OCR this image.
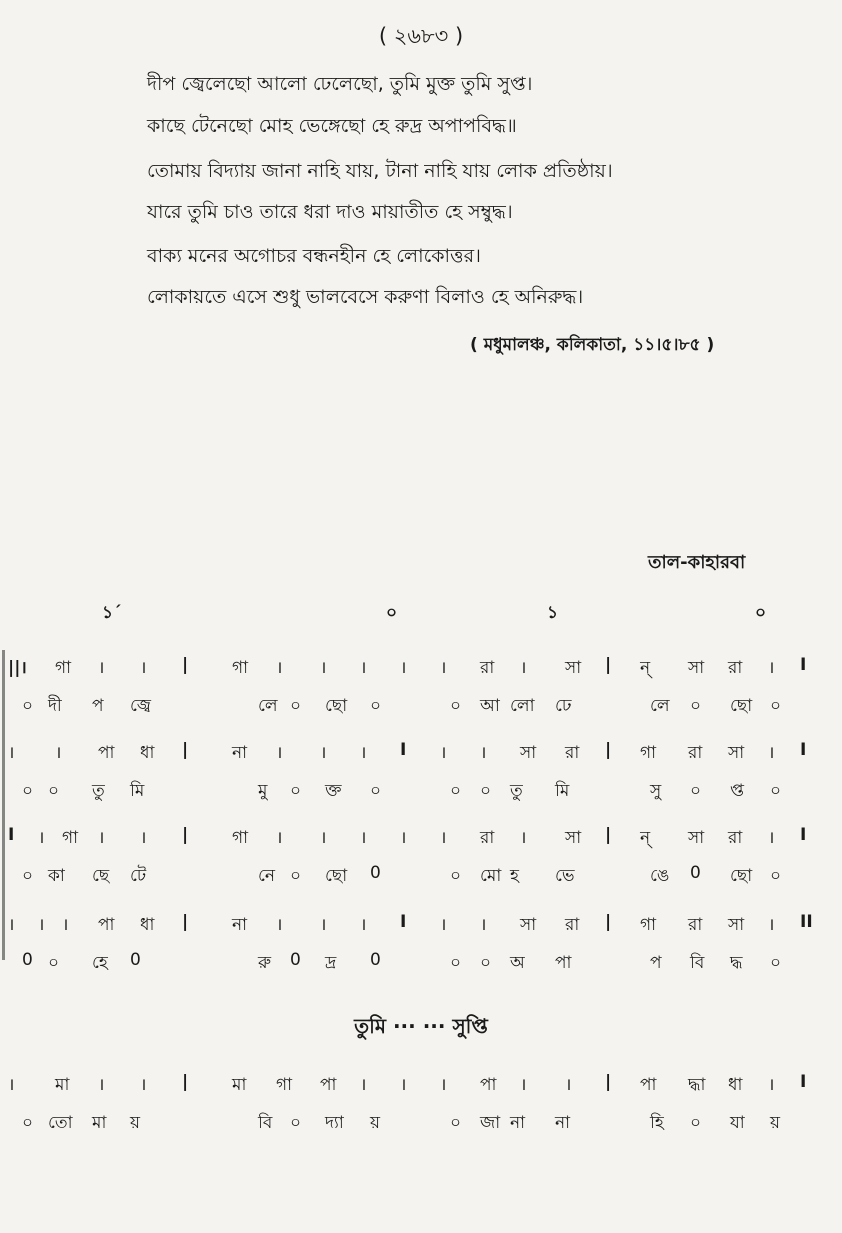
( ২৬৮৩ )
দীপ জ্বেলেছো আলো ঢেলেছো, তুমি মুক্ত তুমি সুপ্ত।
কাছে টেনেছো মোহ ভেঙ্গেছো হে রুদ্র অপাপবিদ্ধ॥
তোমায় বিদ্যায় জানা নাহি যায়, টানা নাহি যায় লোক প্রতিষ্ঠায়।
যারে তুমি চাও তারে ধরা দাও মায়াতীত হে সম্বুদ্ধ।
বাক্য মনের অগোচর বন্ধনহীন হে লোকোত্তর।
লোকায়তে এসে শুধু ভালবেসে করুণা বিলাও হে অনিরুদ্ধ।
( মধুমালঞ্চ, কলিকাতা, ১১।৫।৮৫ )
তাল-কাহারবা
১´	০	১	০
||। গা । । |	গা । । । । । রা । সা | ন্ সা রা । I
০ দী প জ্বে	লে ০ ছো ০	০ আ লো ঢে	লে ০ ছো ০
। । পা ধা |	না । । । I । । সা রা | গা রা সা । I
০ ০ তু মি	মু ০ ক্ত ০	০ ০ তু মি	সু ০ প্ত ০
I । গা । । |	গা । । । । । রা । সা | ন্ সা রা । I
০ কা ছে টে	নে ০ ছো 0	০ মো হ ভে	ঙে 0 ছো ০
। । । পা ধা |	না । । । I । । সা রা | গা রা সা । II
0 ০ হে 0	রু 0 দ্র 0	০ ০ অ পা	প বি দ্ধ ০
তুমি ··· ··· সুপ্তি
। মা । । |	মা গা পা । । । পা । । | পা দ্ধা ধা । I
০ তো মা য়	বি ০ দ্যা য়	০ জা না না	হি ০ যা য়
